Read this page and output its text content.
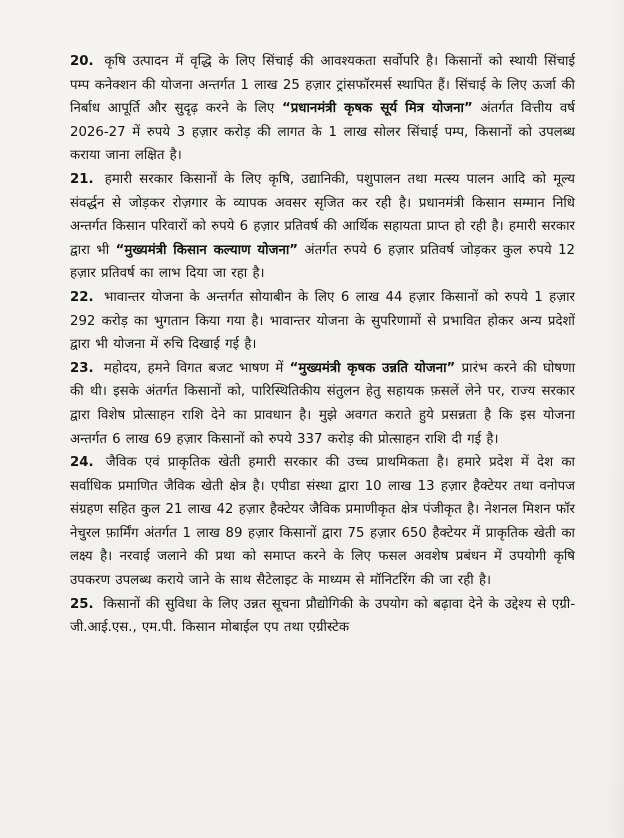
20. कृषि उत्पादन में वृद्धि के लिए सिंचाई की आवश्यकता सर्वोपरि है। किसानों को स्थायी सिंचाई पम्प कनेक्शन की योजना अन्तर्गत 1 लाख 25 हज़ार ट्रांसफॉरमर्स स्थापित हैं। सिंचाई के लिए ऊर्जा की निर्बाध आपूर्ति और सुदृढ़ करने के लिए “प्रधानमंत्री कृषक सूर्य मित्र योजना” अंतर्गत वित्तीय वर्ष 2026-27 में रुपये 3 हज़ार करोड़ की लागत के 1 लाख सोलर सिंचाई पम्प, किसानों को उपलब्ध कराया जाना लक्षित है।

21. हमारी सरकार किसानों के लिए कृषि, उद्यानिकी, पशुपालन तथा मत्स्य पालन आदि को मूल्य संवर्द्धन से जोड़कर रोज़गार के व्यापक अवसर सृजित कर रही है। प्रधानमंत्री किसान सम्मान निधि अन्तर्गत किसान परिवारों को रुपये 6 हज़ार प्रतिवर्ष की आर्थिक सहायता प्राप्त हो रही है। हमारी सरकार द्वारा भी “मुख्यमंत्री किसान कल्याण योजना” अंतर्गत रुपये 6 हज़ार प्रतिवर्ष जोड़कर कुल रुपये 12 हज़ार प्रतिवर्ष का लाभ दिया जा रहा है।

22. भावान्तर योजना के अन्तर्गत सोयाबीन के लिए 6 लाख 44 हज़ार किसानों को रुपये 1 हज़ार 292 करोड़ का भुगतान किया गया है। भावान्तर योजना के सुपरिणामों से प्रभावित होकर अन्य प्रदेशों द्वारा भी योजना में रुचि दिखाई गई है।

23. महोदय, हमने विगत बजट भाषण में “मुख्यमंत्री कृषक उन्नति योजना” प्रारंभ करने की घोषणा की थी। इसके अंतर्गत किसानों को, पारिस्थितिकीय संतुलन हेतु सहायक फ़सलें लेने पर, राज्य सरकार द्वारा विशेष प्रोत्साहन राशि देने का प्रावधान है। मुझे अवगत कराते हुये प्रसन्नता है कि इस योजना अन्तर्गत 6 लाख 69 हज़ार किसानों को रुपये 337 करोड़ की प्रोत्साहन राशि दी गई है।

24. जैविक एवं प्राकृतिक खेती हमारी सरकार की उच्च प्राथमिकता है। हमारे प्रदेश में देश का सर्वाधिक प्रमाणित जैविक खेती क्षेत्र है। एपीडा संस्था द्वारा 10 लाख 13 हज़ार हैक्टेयर तथा वनोपज संग्रहण सहित कुल 21 लाख 42 हज़ार हैक्टेयर जैविक प्रमाणीकृत क्षेत्र पंजीकृत है। नेशनल मिशन फॉर नेचुरल फ़ार्मिंग अंतर्गत 1 लाख 89 हज़ार किसानों द्वारा 75 हज़ार 650 हैक्टेयर में प्राकृतिक खेती का लक्ष्य है। नरवाई जलाने की प्रथा को समाप्त करने के लिए फसल अवशेष प्रबंधन में उपयोगी कृषि उपकरण उपलब्ध कराये जाने के साथ सैटेलाइट के माध्यम से मॉनिटरिंग की जा रही है।

25. किसानों की सुविधा के लिए उन्नत सूचना प्रौद्योगिकी के उपयोग को बढ़ावा देने के उद्देश्य से एग्री-जी.आई.एस., एम.पी. किसान मोबाईल एप तथा एग्रीस्टेक
